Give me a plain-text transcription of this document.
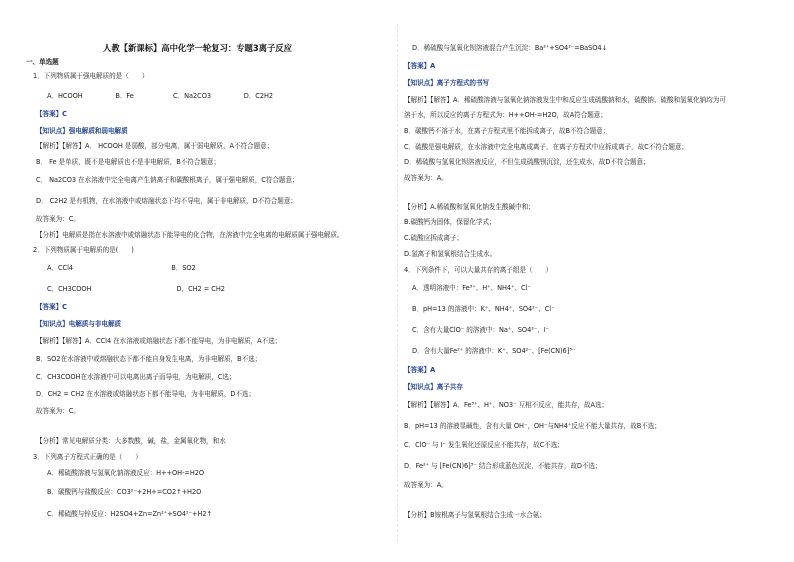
人教【新课标】高中化学一轮复习：专题3离子反应
一、单选题
1．下列物质属于强电解质的是（　　）
A．HCOOH　　　　　B．Fe　　　　　　C．Na2CO3　　　　　D．C2H2
【答案】C
【知识点】强电解质和弱电解质
【解析】【解答】A． HCOOH 是弱酸，部分电离，属于弱电解质，A不符合题意；
B． Fe 是单质，既不是电解质也不是非电解质，B不符合题意；
C． Na2CO3 在水溶液中完全电离产生钠离子和碳酸根离子，属于强电解质，C符合题意；
D． C2H2 是有机物，在水溶液中或熔融状态下均不导电，属于非电解质，D不符合题意；
故答案为：C。
【分析】电解质是指在水溶液中或熔融状态下能导电的化合物，在溶液中完全电离的电解质属于强电解质。
2．下列物质属于电解质的是(　　)
A．CCl4　　　　　　　　　　　　　　　B．SO2
C．CH3COOH　　　　　　　　　　　　　D．CH2 = CH2
【答案】C
【知识点】电解质与非电解质
【解析】【解答】A．CCl4 在水溶液或熔融状态下都不能导电，为非电解质，A不选；
B．SO2在水溶液中或熔融状态下都不能自身发生电离，为非电解质，B不选；
C．CH3COOH在水溶液中可以电离出离子而导电，为电解质，C选；
D．CH2 = CH2 在水溶液或熔融状态下都不能导电，为非电解质，D不选；
故答案为：C。
【分析】常见电解质分类：大多数酸，碱，盐，金属氧化物，和水
3．下列离子方程式正确的是（　　）
A．稀硫酸溶液与氢氧化钠溶液反应：H++OH-=H2O
B．碳酸钙与盐酸反应：CO3²⁻+2H+=CO2↑+H2O
C．稀硫酸与锌反应：H2SO4+Zn=Zn²⁺+SO4²⁻+H2↑
D．稀硫酸与氢氧化钡溶液混合产生沉淀：Ba²⁺+SO4²⁻=BaSO4↓
【答案】A
【知识点】离子方程式的书写
【解析】【解答】A．稀硫酸溶液与氢氧化钠溶液发生中和反应生成硫酸钠和水，硫酸钠、硫酸和氢氧化钠均为可
溶于水，所以反应的离子方程式为：H++OH-=H2O，故A符合题意；
B．碳酸钙不溶于水，在离子方程式里不能拆成离子，故B不符合题意；
C．硫酸是强电解质，在水溶液中完全电离成离子，在离子方程式中应拆成离子，故C不符合题意；
D．稀硫酸与氢氧化钡溶液反应，不但生成硫酸钡沉淀，还生成水，故D不符合题意；
故答案为：A。
【分析】A.稀硫酸和氢氧化钠发生酸碱中和；
B.碳酸钙为固体，保留化学式；
C.硫酸应拆成离子；
D.氢离子和氢氧根结合生成水。
4．下列条件下，可以大量共存的离子组是（　　）
A．透明溶液中：Fe³⁺、H⁺、NH4⁺、Cl⁻
B．pH=13 的溶液中：K⁺、NH4⁺、SO4²⁻、Cl⁻
C．含有大量ClO⁻ 的溶液中：Na⁺、SO4²⁻、I⁻
D．含有大量Fe²⁺ 的溶液中：K⁺、SO4²⁻、[Fe(CN)6]³⁻
【答案】A
【知识点】离子共存
【解析】【解答】A．Fe³⁺、H⁺、NO3⁻ 互相不反应，能共存，故A选；
B．pH=13 的溶液显碱性，含有大量 OH⁻，OH⁻与NH4⁺反应不能大量共存，故B不选；
C．ClO⁻ 与 I⁻ 发生氧化还原反应不能共存，故C不选；
D．Fe²⁺ 与 [Fe(CN)6]³⁻ 结合形成蓝色沉淀，不能共存，故D不选；
故答案为：A。
【分析】B铵根离子与氢氧根结合生成一水合氨；
